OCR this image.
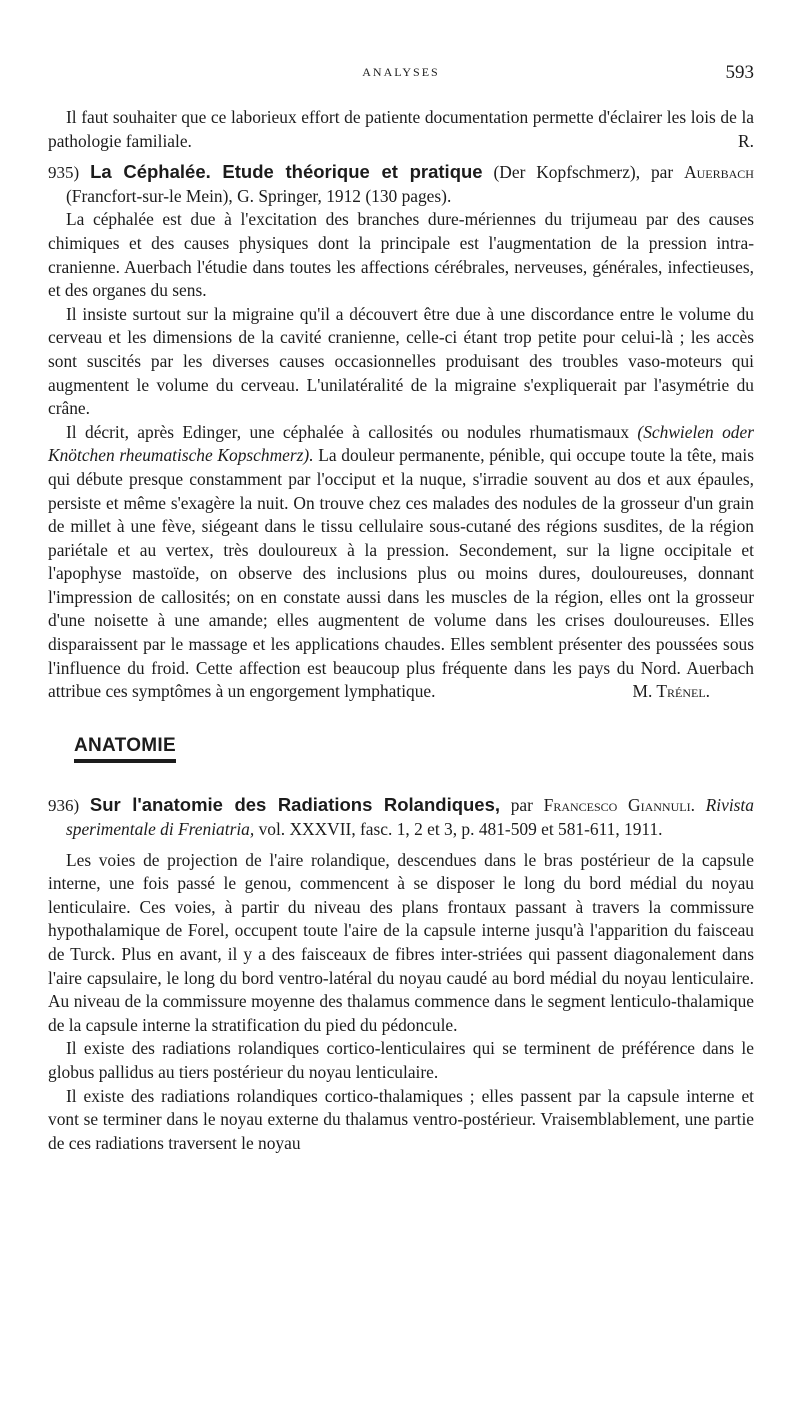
ANALYSES	593

Il faut souhaiter que ce laborieux effort de patiente documentation permette d'éclairer les lois de la pathologie familiale.	R.

935) La Céphalée. Etude théorique et pratique (Der Kopfschmerz), par Auerbach (Francfort-sur-le Mein), G. Springer, 1912 (130 pages).

La céphalée est due à l'excitation des branches dure-mériennes du trijumeau par des causes chimiques et des causes physiques dont la principale est l'augmentation de la pression intra-cranienne. Auerbach l'étudie dans toutes les affections cérébrales, nerveuses, générales, infectieuses, et des organes du sens.

Il insiste surtout sur la migraine qu'il a découvert être due à une discordance entre le volume du cerveau et les dimensions de la cavité cranienne, celle-ci étant trop petite pour celui-là ; les accès sont suscités par les diverses causes occasionnelles produisant des troubles vaso-moteurs qui augmentent le volume du cerveau. L'unilatéralité de la migraine s'expliquerait par l'asymétrie du crâne.

Il décrit, après Edinger, une céphalée à callosités ou nodules rhumatismaux (Schwielen oder Knötchen rheumatische Kopschmerz). La douleur permanente, pénible, qui occupe toute la tête, mais qui débute presque constamment par l'occiput et la nuque, s'irradie souvent au dos et aux épaules, persiste et même s'exagère la nuit. On trouve chez ces malades des nodules de la grosseur d'un grain de millet à une fève, siégeant dans le tissu cellulaire sous-cutané des régions susdites, de la région pariétale et au vertex, très douloureux à la pression. Secondement, sur la ligne occipitale et l'apophyse mastoïde, on observe des inclusions plus ou moins dures, douloureuses, donnant l'impression de callosités; on en constate aussi dans les muscles de la région, elles ont la grosseur d'une noisette à une amande; elles augmentent de volume dans les crises douloureuses. Elles disparaissent par le massage et les applications chaudes. Elles semblent présenter des poussées sous l'influence du froid. Cette affection est beaucoup plus fréquente dans les pays du Nord. Auerbach attribue ces symptômes à un engorgement lymphatique.	M. Trénel.

ANATOMIE

936) Sur l'anatomie des Radiations Rolandiques, par Francesco Giannuli. Rivista sperimentale di Freniatria, vol. XXXVII, fasc. 1, 2 et 3, p. 481-509 et 581-611, 1911.

Les voies de projection de l'aire rolandique, descendues dans le bras postérieur de la capsule interne, une fois passé le genou, commencent à se disposer le long du bord médial du noyau lenticulaire. Ces voies, à partir du niveau des plans frontaux passant à travers la commissure hypothalamique de Forel, occupent toute l'aire de la capsule interne jusqu'à l'apparition du faisceau de Turck. Plus en avant, il y a des faisceaux de fibres inter-striées qui passent diagonalement dans l'aire capsulaire, le long du bord ventro-latéral du noyau caudé au bord médial du noyau lenticulaire. Au niveau de la commissure moyenne des thalamus commence dans le segment lenticulo-thalamique de la capsule interne la stratification du pied du pédoncule.

Il existe des radiations rolandiques cortico-lenticulaires qui se terminent de préférence dans le globus pallidus au tiers postérieur du noyau lenticulaire.

Il existe des radiations rolandiques cortico-thalamiques ; elles passent par la capsule interne et vont se terminer dans le noyau externe du thalamus ventro-postérieur. Vraisemblablement, une partie de ces radiations traversent le noyau
